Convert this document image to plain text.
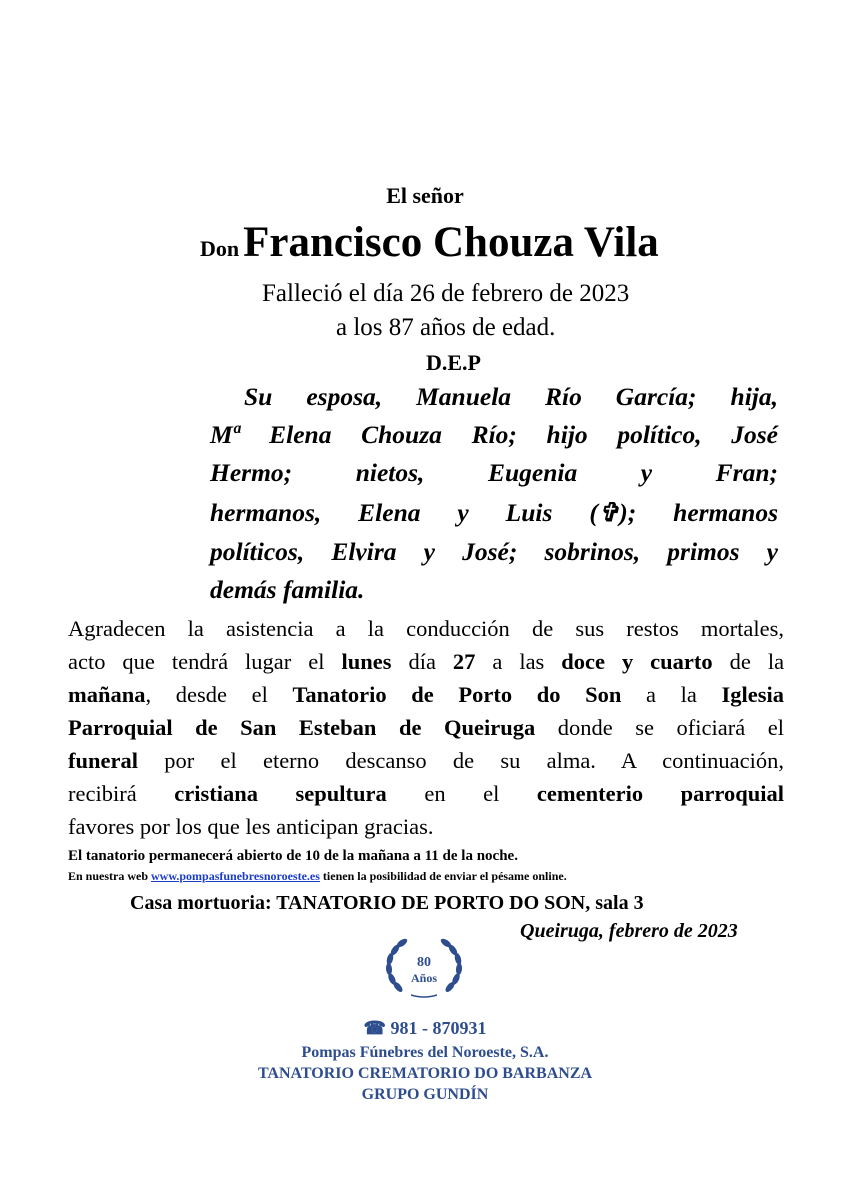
El señor
Don Francisco Chouza Vila
Falleció el día 26 de febrero de 2023
a los 87 años de edad.
D.E.P
Su esposa, Manuela Río García; hija,
Mª Elena Chouza Río; hijo político, José
Hermo; nietos, Eugenia y Fran;
hermanos, Elena y Luis (✞); hermanos
políticos, Elvira y José; sobrinos, primos y
demás familia.
Agradecen la asistencia a la conducción de sus restos mortales,
acto que tendrá lugar el lunes día 27 a las doce y cuarto de la
mañana, desde el Tanatorio de Porto do Son a la Iglesia
Parroquial de San Esteban de Queiruga donde se oficiará el
funeral por el eterno descanso de su alma. A continuación,
recibirá cristiana sepultura en el cementerio parroquial
favores por los que les anticipan gracias.
El tanatorio permanecerá abierto de 10 de la mañana a 11 de la noche.
En nuestra web www.pompasfunebresnoroeste.es tienen la posibilidad de enviar el pésame online.
Casa mortuoria: TANATORIO DE PORTO DO SON, sala 3
Queiruga, febrero de 2023
80
Años
☎ 981 - 870931
Pompas Fúnebres del Noroeste, S.A.
TANATORIO CREMATORIO DO BARBANZA
GRUPO GUNDÍN
